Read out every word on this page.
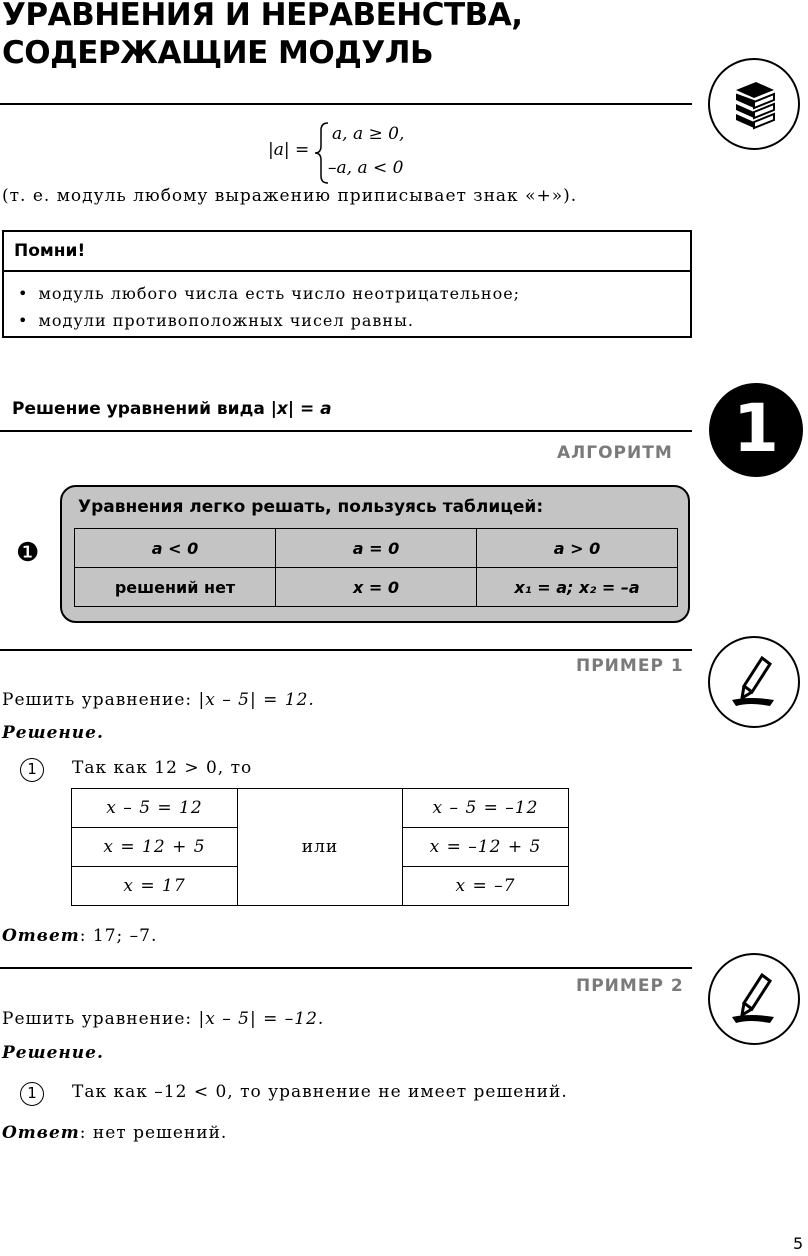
УРАВНЕНИЯ И НЕРАВЕНСТВА,
СОДЕРЖАЩИЕ МОДУЛЬ
|a| =
a, a ≥ 0,
–a, a < 0
(т. е. модуль любому выражению приписывает знак «+»).
Помни!
• модуль любого числа есть число неотрицательное;
• модули противоположных чисел равны.
Решение уравнений вида |x| = a	1
АЛГОРИТМ
❶
Уравнения легко решать, пользуясь таблицей:
a < 0	a = 0	a > 0
решений нет	x = 0	x₁ = a; x₂ = –a
ПРИМЕР 1
Решить уравнение: |x – 5| = 12.
Решение.
1	Так как 12 > 0, то
x – 5 = 12	или	x – 5 = –12
x = 12 + 5		x = –12 + 5
x = 17		x = –7
Ответ: 17; –7.
ПРИМЕР 2
Решить уравнение: |x – 5| = –12.
Решение.
1	Так как –12 < 0, то уравнение не имеет решений.
Ответ: нет решений.
5
